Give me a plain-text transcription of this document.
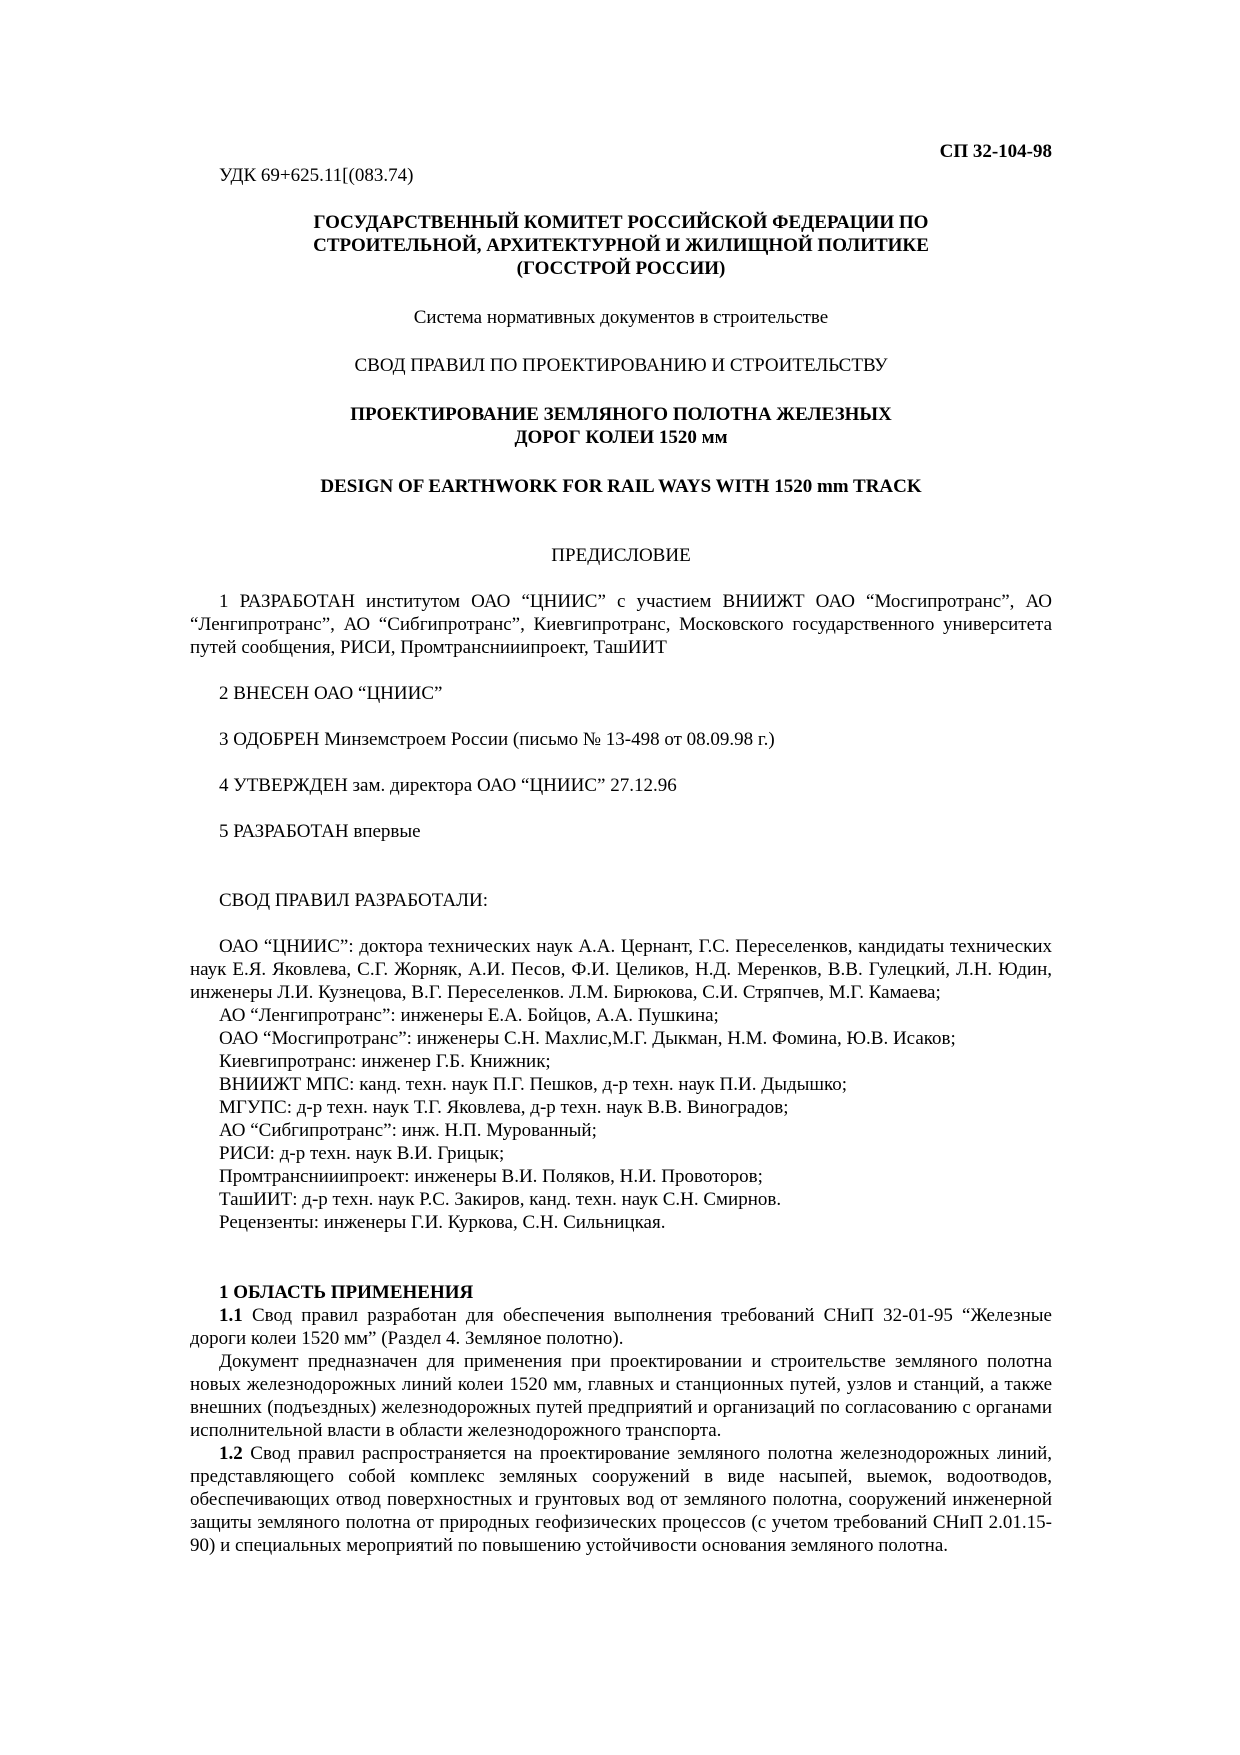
СП 32-104-98
УДК 69+625.11[(083.74)
ГОСУДАРСТВЕННЫЙ КОМИТЕТ РОССИЙСКОЙ ФЕДЕРАЦИИ ПО
СТРОИТЕЛЬНОЙ, АРХИТЕКТУРНОЙ И ЖИЛИЩНОЙ ПОЛИТИКЕ
(ГОССТРОЙ РОССИИ)
Система нормативных документов в строительстве
СВОД ПРАВИЛ ПО ПРОЕКТИРОВАНИЮ И СТРОИТЕЛЬСТВУ
ПРОЕКТИРОВАНИЕ ЗЕМЛЯНОГО ПОЛОТНА ЖЕЛЕЗНЫХ
ДОРОГ КОЛЕИ 1520 мм
DESIGN OF EARTHWORK FOR RAIL WAYS WITH 1520 mm TRACK
ПРЕДИСЛОВИЕ

1 РАЗРАБОТАН институтом ОАО “ЦНИИС” с участием ВНИИЖТ ОАО “Мосгипротранс”, АО “Ленгипротранс”, АО “Сибгипротранс”, Киевгипротранс, Московского государственного университета путей сообщения, РИСИ, Промтранснииипроект, ТашИИТ

2 ВНЕСЕН ОАО “ЦНИИС”

3 ОДОБРЕН Минземстроем России (письмо № 13-498 от 08.09.98 г.)

4 УТВЕРЖДЕН зам. директора ОАО “ЦНИИС” 27.12.96

5 РАЗРАБОТАН впервые

СВОД ПРАВИЛ РАЗРАБОТАЛИ:

ОАО “ЦНИИС”: доктора технических наук А.А. Цернант, Г.С. Переселенков, кандидаты технических наук Е.Я. Яковлева, С.Г. Жорняк, А.И. Песов, Ф.И. Целиков, Н.Д. Меренков, В.В. Гулецкий, Л.Н. Юдин, инженеры Л.И. Кузнецова, В.Г. Переселенков. Л.М. Бирюкова, С.И. Стряпчев, М.Г. Камаева;

АО “Ленгипротранс”: инженеры Е.А. Бойцов, А.А. Пушкина;
ОАО “Мосгипротранс”: инженеры С.Н. Махлис,М.Г. Дыкман, Н.М. Фомина, Ю.В. Исаков;
Киевгипротранс: инженер Г.Б. Книжник;
ВНИИЖТ МПС: канд. техн. наук П.Г. Пешков, д-р техн. наук П.И. Дыдышко;
МГУПС: д-р техн. наук Т.Г. Яковлева, д-р техн. наук В.В. Виноградов;
АО “Сибгипротранс”: инж. Н.П. Мурованный;
РИСИ: д-р техн. наук В.И. Грицык;
Промтранснииипроект: инженеры В.И. Поляков, Н.И. Провоторов;
ТашИИТ: д-р техн. наук Р.С. Закиров, канд. техн. наук С.Н. Смирнов.
Рецензенты: инженеры Г.И. Куркова, С.Н. Сильницкая.
1 ОБЛАСТЬ ПРИМЕНЕНИЯ

1.1 Свод правил разработан для обеспечения выполнения требований СНиП 32-01-95 “Железные дороги колеи 1520 мм” (Раздел 4. Земляное полотно).

Документ предназначен для применения при проектировании и строительстве земляного полотна новых железнодорожных линий колеи 1520 мм, главных и станционных путей, узлов и станций, а также внешних (подъездных) железнодорожных путей предприятий и организаций по согласованию с органами исполнительной власти в области железнодорожного транспорта.

1.2 Свод правил распространяется на проектирование земляного полотна железнодорожных линий, представляющего собой комплекс земляных сооружений в виде насыпей, выемок, водоотводов, обеспечивающих отвод поверхностных и грунтовых вод от земляного полотна, сооружений инженерной защиты земляного полотна от природных геофизических процессов (с учетом требований СНиП 2.01.15-90) и специальных мероприятий по повышению устойчивости основания земляного полотна.
